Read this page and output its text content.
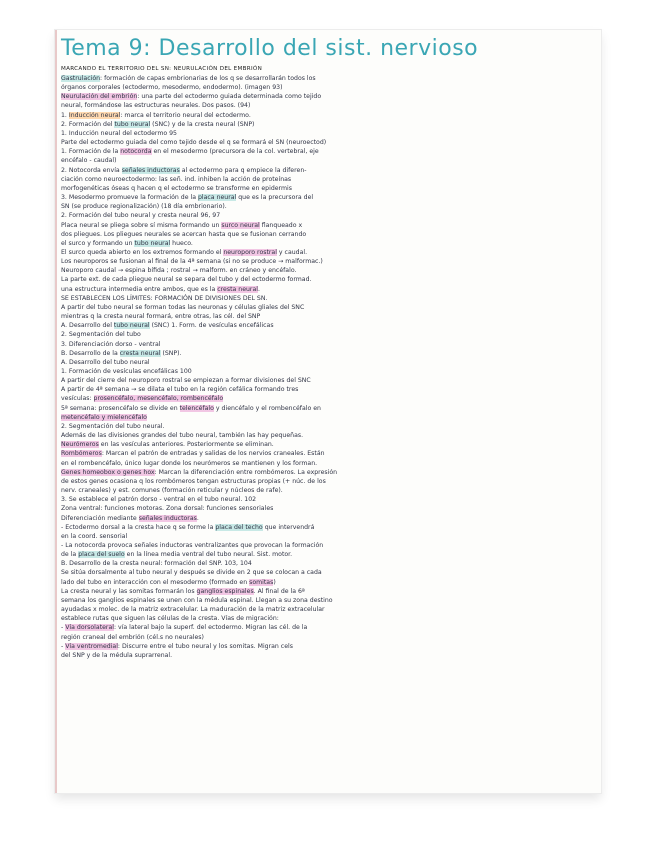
Tema 9: Desarrollo del sist. nervioso
MARCANDO EL TERRITORIO DEL SN: NEURULACIÓN DEL EMBRIÓN
Gastrulación: formación de capas embrionarias de los q se desarrollarán todos los
órganos corporales (ectodermo, mesodermo, endodermo). (imagen 93)
Neurulación del embrión: una parte del ectodermo guiada determinada como tejido
neural, formándose las estructuras neurales. Dos pasos. (94)
1. Inducción neural: marca el territorio neural del ectodermo.
2. Formación del tubo neural (SNC) y de la cresta neural (SNP)
1. Inducción neural del ectodermo 95
Parte del ectodermo guiada del como tejido desde el q se formará el SN (neuroectod)
1. Formación de la notocorda en el mesodermo (precursora de la col. vertebral, eje
encéfalo - caudal)
2. Notocorda envía señales inductoras al ectodermo para q empiece la diferen-
ciación como neuroectodermo: las señ. ind. inhiben la acción de proteínas
morfogenéticas óseas q hacen q el ectodermo se transforme en epidermis
3. Mesodermo promueve la formación de la placa neural que es la precursora del
SN (se produce regionalización) (18 día embrionario).
2. Formación del tubo neural y cresta neural 96, 97
Placa neural se pliega sobre sí misma formando un surco neural flanqueado x
dos pliegues. Los pliegues neurales se acercan hasta que se fusionan cerrando
el surco y formando un tubo neural hueco.
El surco queda abierto en los extremos formando el neuroporo rostral y caudal.
Los neuroporos se fusionan al final de la 4ª semana (si no se produce → malformac.)
Neuroporo caudal → espina bífida ; rostral → malform. en cráneo y encéfalo.
La parte ext. de cada pliegue neural se separa del tubo y del ectodermo formad.
una estructura intermedia entre ambos, que es la cresta neural.
SE ESTABLECEN LOS LÍMITES: FORMACIÓN DE DIVISIONES DEL SN.
A partir del tubo neural se forman todas las neuronas y células gliales del SNC
mientras q la cresta neural formará, entre otras, las cél. del SNP
A. Desarrollo del tubo neural (SNC) 1. Form. de vesículas encefálicas
2. Segmentación del tubo
3. Diferenciación dorso - ventral
B. Desarrollo de la cresta neural (SNP).
A. Desarrollo del tubo neural
1. Formación de vesículas encefálicas 100
A partir del cierre del neuroporo rostral se empiezan a formar divisiones del SNC
A partir de 4ª semana → se dilata el tubo en la región cefálica formando tres
vesículas: prosencéfalo, mesencéfalo, rombencéfalo
5ª semana: prosencéfalo se divide en telencéfalo y diencéfalo y el rombencéfalo en
metencéfalo y mielencéfalo
2. Segmentación del tubo neural.
Además de las divisiones grandes del tubo neural, también las hay pequeñas.
Neurómeros en las vesículas anteriores. Posteriormente se eliminan.
Rombómeros: Marcan el patrón de entradas y salidas de los nervios craneales. Están
en el rombencéfalo, único lugar donde los neurómeros se mantienen y los forman.
Genes homeobox o genes hox: Marcan la diferenciación entre rombómeros. La expresión
de estos genes ocasiona q los rombómeros tengan estructuras propias (+ núc. de los
nerv. craneales) y est. comunes (formación reticular y núcleos de rafe).
3. Se establece el patrón dorso - ventral en el tubo neural. 102
Zona ventral: funciones motoras. Zona dorsal: funciones sensoriales
Diferenciación mediante señales inductoras.
- Ectodermo dorsal a la cresta hace q se forme la placa del techo que intervendrá
en la coord. sensorial
- La notocorda provoca señales inductoras ventralizantes que provocan la formación
de la placa del suelo en la línea media ventral del tubo neural. Sist. motor.
B. Desarrollo de la cresta neural: formación del SNP. 103, 104
Se sitúa dorsalmente al tubo neural y después se divide en 2 que se colocan a cada
lado del tubo en interacción con el mesodermo (formado en somitas)
La cresta neural y las somitas formarán los ganglios espinales. Al final de la 6ª
semana los ganglios espinales se unen con la médula espinal. Llegan a su zona destino
ayudadas x molec. de la matriz extracelular. La maduración de la matriz extracelular
establece rutas que siguen las células de la cresta. Vías de migración:
- Vía dorsolateral: vía lateral bajo la superf. del ectodermo. Migran las cél. de la
región craneal del embrión (cél.s no neurales)
- Vía ventromedial: Discurre entre el tubo neural y los somitas. Migran cels
del SNP y de la médula suprarrenal.
